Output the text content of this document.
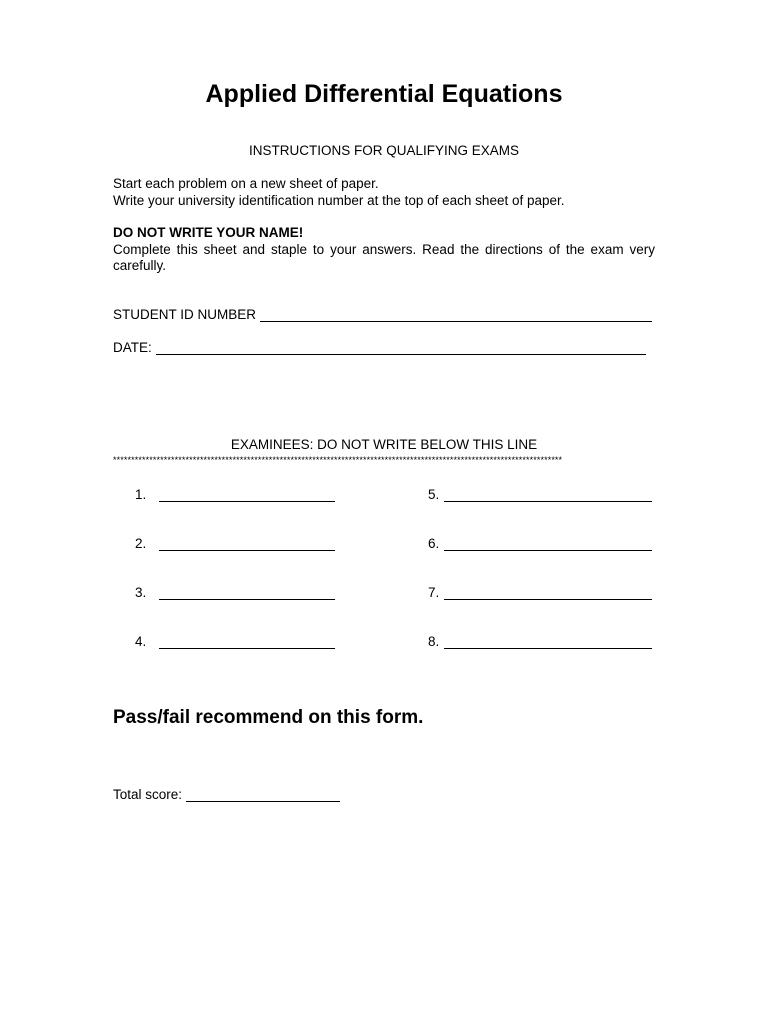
Applied Differential Equations
INSTRUCTIONS FOR QUALIFYING EXAMS

Start each problem on a new sheet of paper.

Write your university identification number at the top of each sheet of paper.

DO NOT WRITE YOUR NAME!

Complete this sheet and staple to your answers. Read the directions of the exam very carefully.

STUDENT ID NUMBER
DATE:
EXAMINEES: DO NOT WRITE BELOW THIS LINE
****************************************************************************************************************************
1.
2.
3.
4.
5.
6.
7.
8.
Pass/fail recommend on this form.
Total score:
